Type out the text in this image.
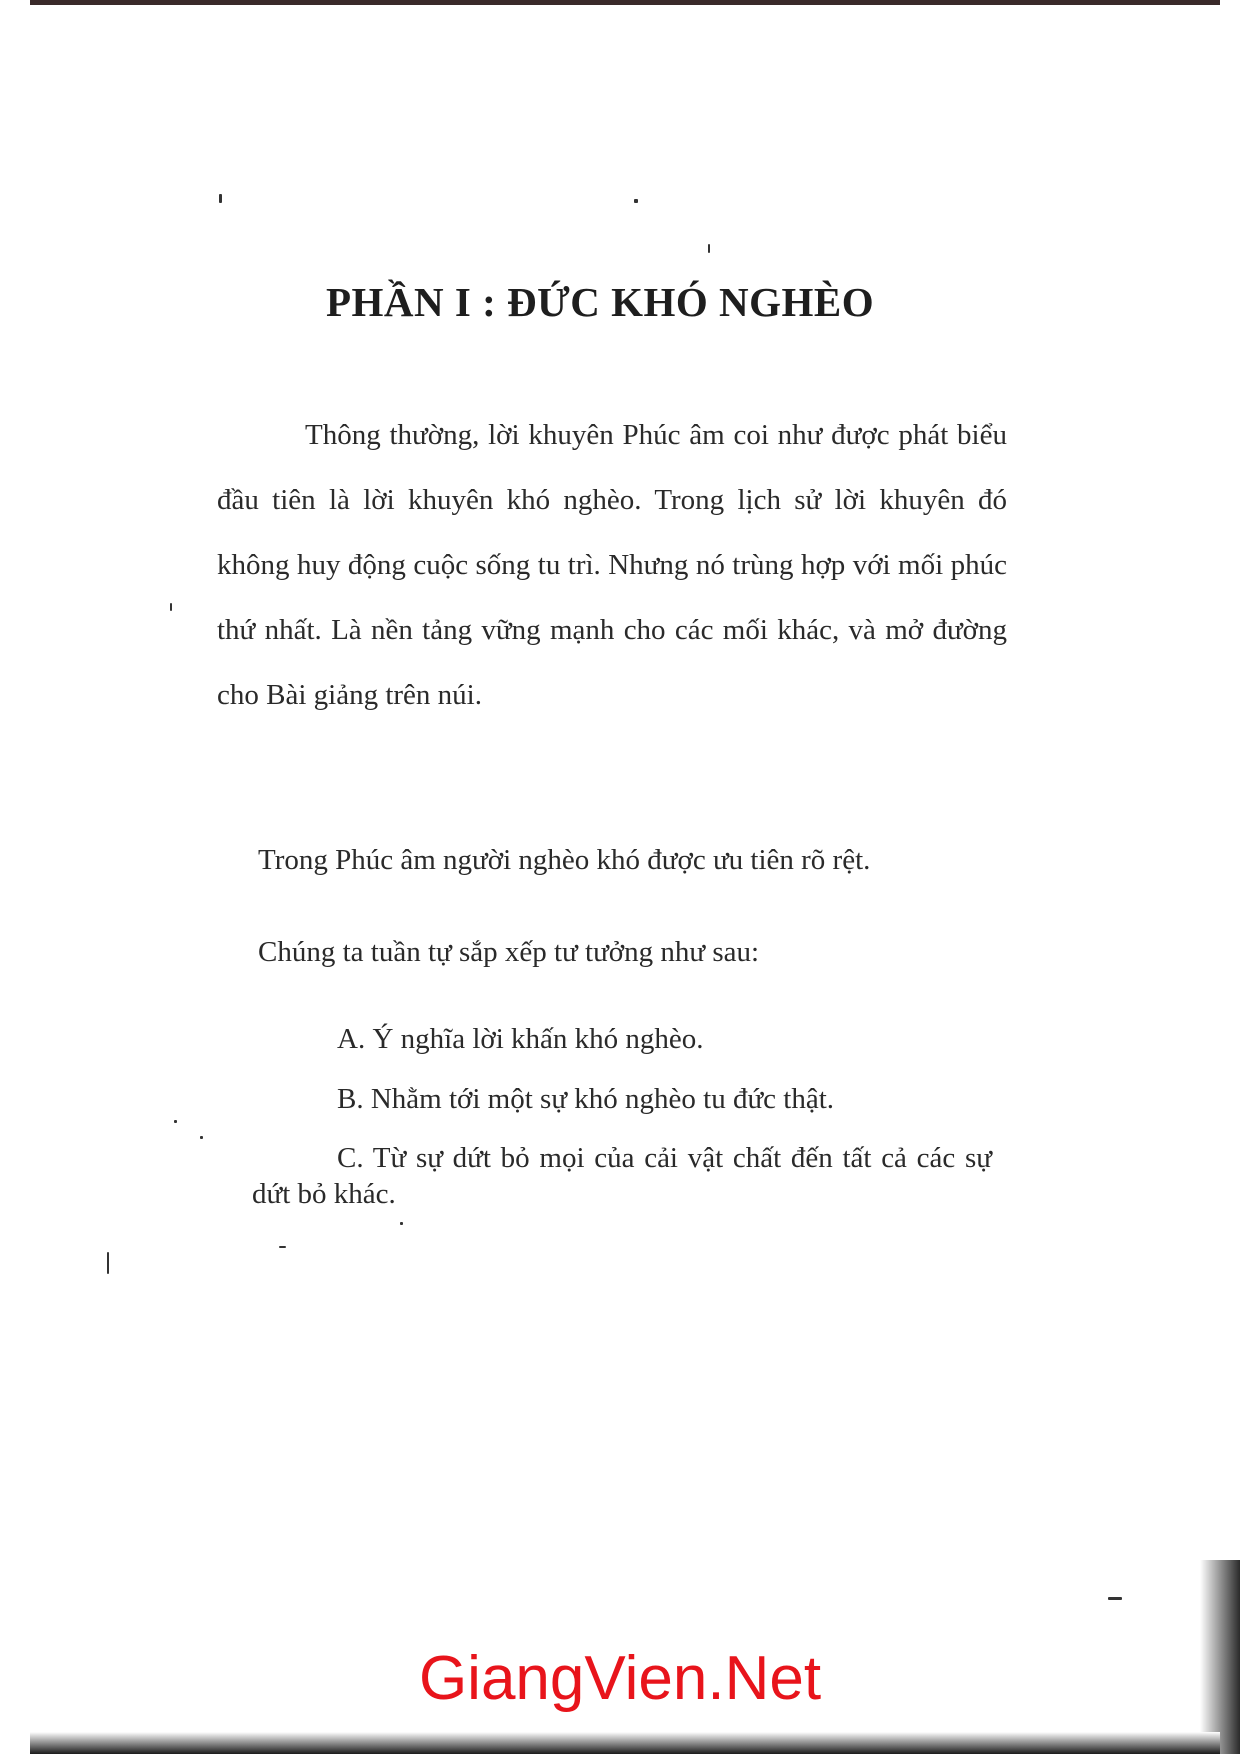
PHẦN I : ĐỨC KHÓ NGHÈO

Thông thường, lời khuyên Phúc âm coi như được phát biểu đầu tiên là lời khuyên khó nghèo. Trong lịch sử lời khuyên đó không huy động cuộc sống tu trì. Nhưng nó trùng hợp với mối phúc thứ nhất. Là nền tảng vững mạnh cho các mối khác, và mở đường cho Bài giảng trên núi.

Trong Phúc âm người nghèo khó được ưu tiên rõ rệt.

Chúng ta tuần tự sắp xếp tư tưởng như sau:

A. Ý nghĩa lời khấn khó nghèo.

B. Nhằm tới một sự khó nghèo tu đức thật.

C. Từ sự dứt bỏ mọi của cải vật chất đến tất cả các sự dứt bỏ khác.

GiangVien.Net
